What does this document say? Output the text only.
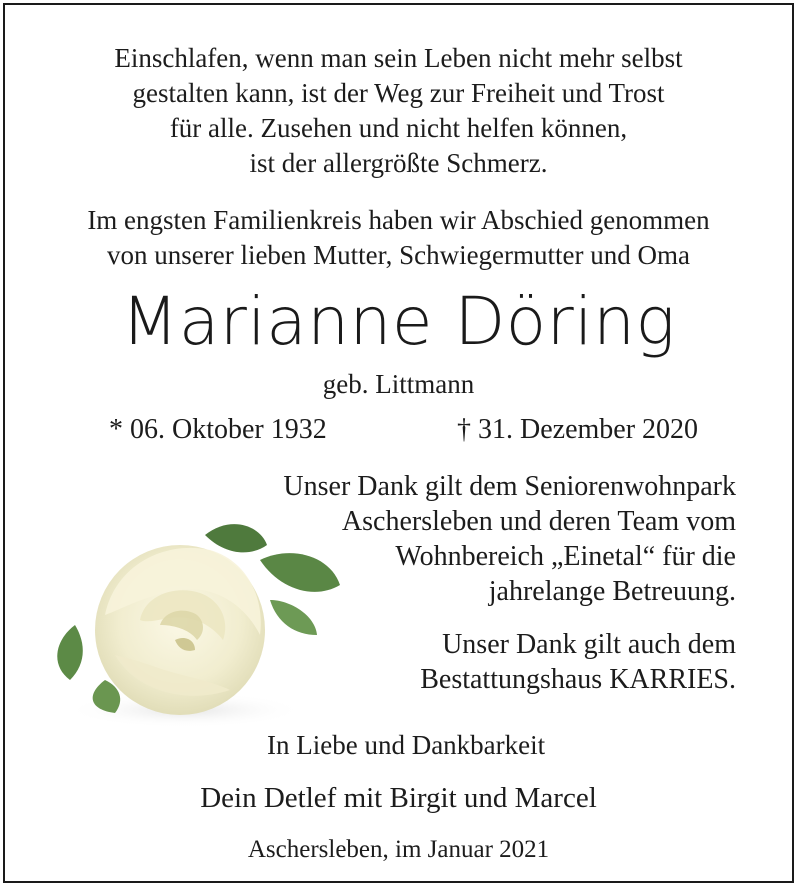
Einschlafen, wenn man sein Leben nicht mehr selbst
gestalten kann, ist der Weg zur Freiheit und Trost
für alle. Zusehen und nicht helfen können,
ist der allergrößte Schmerz.
Im engsten Familienkreis haben wir Abschied genommen
von unserer lieben Mutter, Schwiegermutter und Oma
Marianne Döring
geb. Littmann
* 06. Oktober 1932	† 31. Dezember 2020
Unser Dank gilt dem Seniorenwohnpark
Aschersleben und deren Team vom
Wohnbereich „Einetal“ für die
jahrelange Betreuung.
Unser Dank gilt auch dem
Bestattungshaus KARRIES.
In Liebe und Dankbarkeit
Dein Detlef mit Birgit und Marcel
Aschersleben, im Januar 2021
